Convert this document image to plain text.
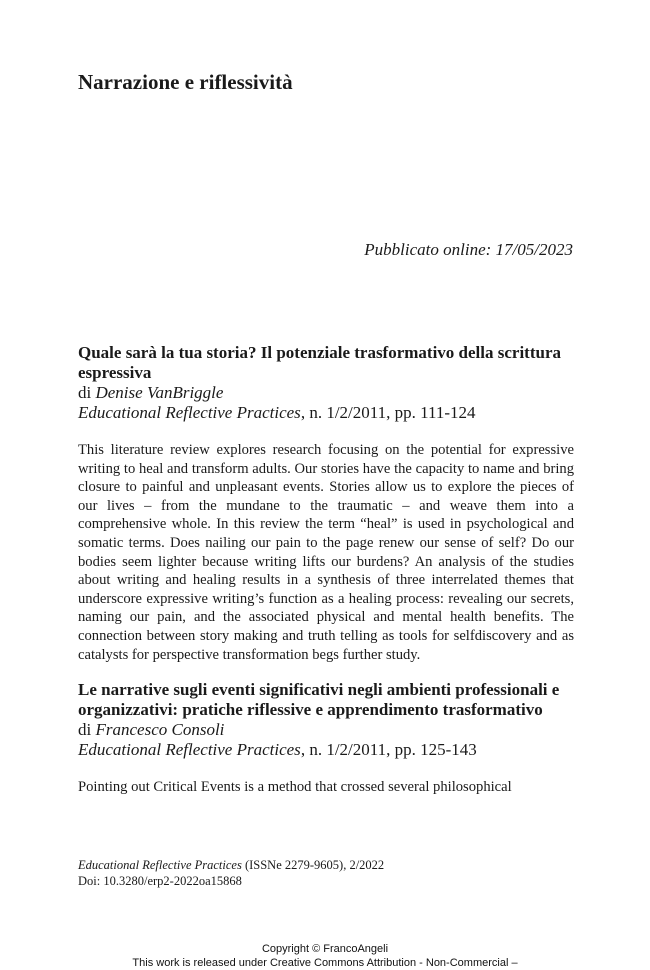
Narrazione e riflessività
Pubblicato online: 17/05/2023

Quale sarà la tua storia? Il potenziale trasformativo della scrittura espressiva

di Denise VanBriggle

Educational Reflective Practices, n. 1/2/2011, pp. 111-124

This literature review explores research focusing on the potential for expressive writing to heal and transform adults. Our stories have the capacity to name and bring closure to painful and unpleasant events. Stories allow us to explore the pieces of our lives – from the mundane to the traumatic – and weave them into a comprehensive whole. In this review the term “heal” is used in psychological and somatic terms. Does nailing our pain to the page renew our sense of self? Do our bodies seem lighter because writing lifts our burdens? An analysis of the studies about writing and healing results in a synthesis of three interrelated themes that underscore expressive writing’s function as a healing process: revealing our secrets, naming our pain, and the associated physical and mental health benefits. The connection between story making and truth telling as tools for selfdiscovery and as catalysts for perspective transformation begs further study.

Le narrative sugli eventi significativi negli ambienti professionali e organizzativi: pratiche riflessive e apprendimento trasformativo

di Francesco Consoli

Educational Reflective Practices, n. 1/2/2011, pp. 125-143

Pointing out Critical Events is a method that crossed several philosophical

Educational Reflective Practices (ISSNe 2279-9605), 2/2022
Doi: 10.3280/erp2-2022oa15868
Copyright © FrancoAngeli
This work is released under Creative Commons Attribution - Non-Commercial –
